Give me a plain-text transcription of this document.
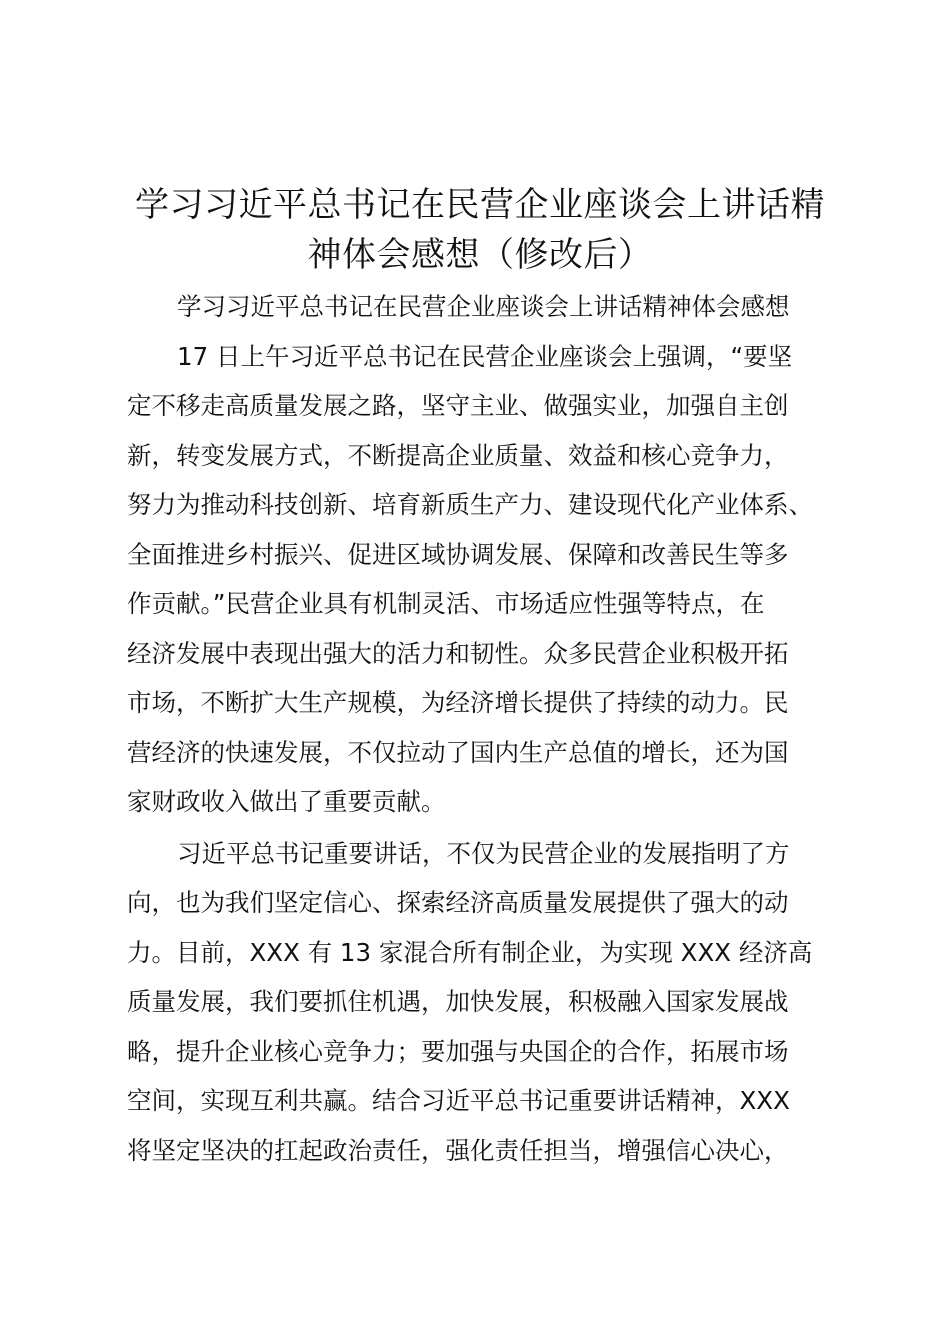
学习习近平总书记在民营企业座谈会上讲话精
神体会感想（修改后）

学习习近平总书记在民营企业座谈会上讲话精神体会感想

17 日上午习近平总书记在民营企业座谈会上强调，“要坚
定不移走高质量发展之路，坚守主业、做强实业，加强自主创
新，转变发展方式，不断提高企业质量、效益和核心竞争力，
努力为推动科技创新、培育新质生产力、建设现代化产业体系、
全面推进乡村振兴、促进区域协调发展、保障和改善民生等多
作贡献。”民营企业具有机制灵活、市场适应性强等特点，在
经济发展中表现出强大的活力和韧性。众多民营企业积极开拓
市场，不断扩大生产规模，为经济增长提供了持续的动力。民
营经济的快速发展，不仅拉动了国内生产总值的增长，还为国
家财政收入做出了重要贡献。

习近平总书记重要讲话，不仅为民营企业的发展指明了方
向，也为我们坚定信心、探索经济高质量发展提供了强大的动
力。目前，XXX 有 13 家混合所有制企业，为实现 XXX 经济高
质量发展，我们要抓住机遇，加快发展，积极融入国家发展战
略，提升企业核心竞争力；要加强与央国企的合作，拓展市场
空间，实现互利共赢。结合习近平总书记重要讲话精神，XXX
将坚定坚决的扛起政治责任，强化责任担当，增强信心决心，
